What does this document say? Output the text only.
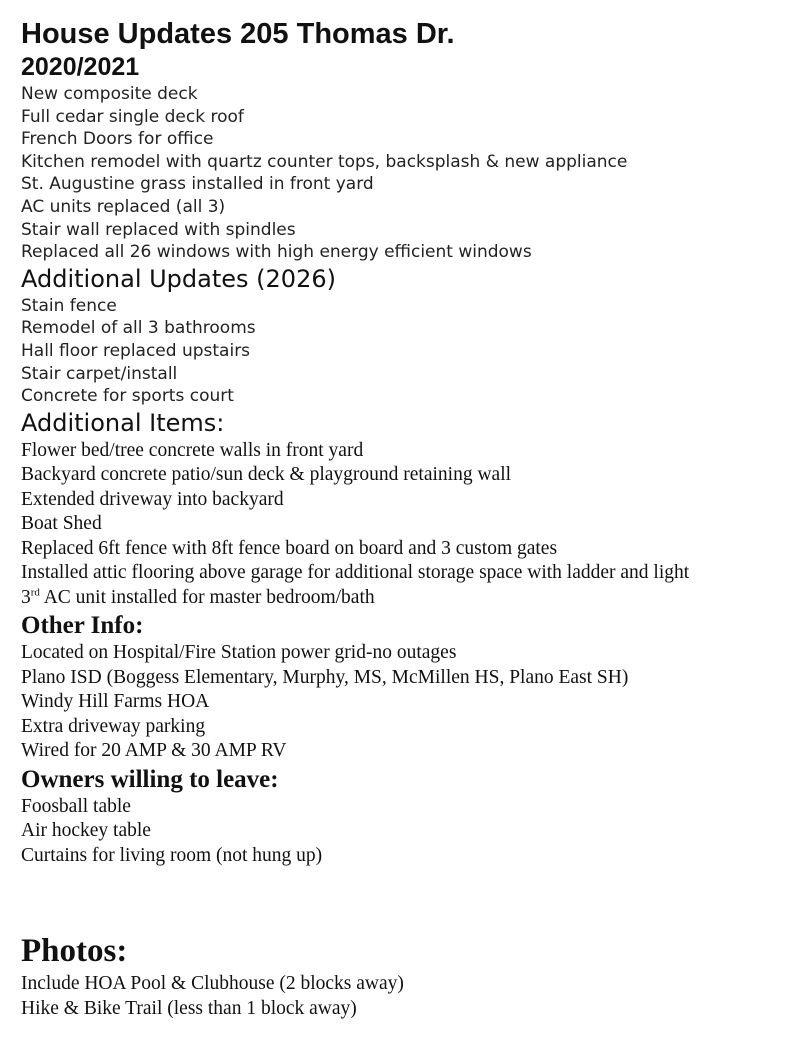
House Updates 205 Thomas Dr.
2020/2021
New composite deck
Full cedar single deck roof
French Doors for office
Kitchen remodel with quartz counter tops, backsplash & new appliance
St. Augustine grass installed in front yard
AC units replaced (all 3)
Stair wall replaced with spindles
Replaced all 26 windows with high energy efficient windows
Additional Updates (2026)
Stain fence
Remodel of all 3 bathrooms
Hall floor replaced upstairs
Stair carpet/install
Concrete for sports court
Additional Items:
Flower bed/tree concrete walls in front yard
Backyard concrete patio/sun deck & playground retaining wall
Extended driveway into backyard
Boat Shed
Replaced 6ft fence with 8ft fence board on board and 3 custom gates
Installed attic flooring above garage for additional storage space with ladder and light
3rd AC unit installed for master bedroom/bath
Other Info:
Located on Hospital/Fire Station power grid-no outages
Plano ISD (Boggess Elementary, Murphy, MS, McMillen HS, Plano East SH)
Windy Hill Farms HOA
Extra driveway parking
Wired for 20 AMP & 30 AMP RV
Owners willing to leave:
Foosball table
Air hockey table
Curtains for living room (not hung up)
Photos:
Include HOA Pool & Clubhouse (2 blocks away)
Hike & Bike Trail (less than 1 block away)
